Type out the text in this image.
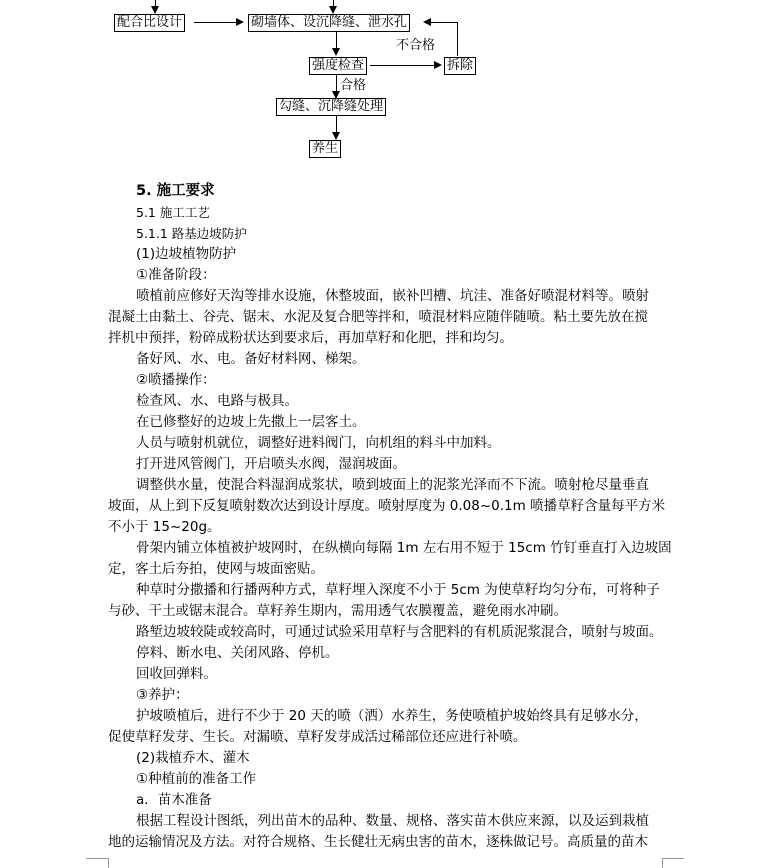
配合比设计	砌墙体、设沉降缝、泄水孔
不合格
强度检查	拆除
合格
勾缝、沉降缝处理
养生

5. 施工要求

5.1 施工工艺

5.1.1 路基边坡防护

(1)边坡植物防护

①准备阶段：

喷植前应修好天沟等排水设施，休整坡面，嵌补凹槽、坑洼、准备好喷混材料等。喷射

混凝土由黏土、谷壳、锯末、水泥及复合肥等拌和，喷混材料应随伴随喷。粘土要先放在搅

拌机中预拌，粉碎成粉状达到要求后，再加草籽和化肥，拌和均匀。

备好风、水、电。备好材料网、梯架。

②喷播操作：

检查风、水、电路与极具。

在已修整好的边坡上先撒上一层客土。

人员与喷射机就位，调整好进料阀门，向机组的料斗中加料。

打开进风管阀门，开启喷头水阀，湿润坡面。

调整供水量，使混合料湿润成浆状，喷到坡面上的泥浆光泽而不下流。喷射枪尽量垂直

坡面，从上到下反复喷射数次达到设计厚度。喷射厚度为 0.08~0.1m 喷播草籽含量每平方米

不小于 15~20g。

骨架内铺立体植被护坡网时，在纵横向每隔 1m 左右用不短于 15cm 竹钉垂直打入边坡固

定，客土后夯拍，使网与坡面密贴。

种草时分撒播和行播两种方式，草籽埋入深度不小于 5cm 为使草籽均匀分布，可将种子

与砂、干土或锯末混合。草籽养生期内，需用透气农膜覆盖，避免雨水冲刷。

路堑边坡较陡或较高时，可通过试验采用草籽与含肥料的有机质泥浆混合，喷射与坡面。

停料、断水电、关闭风路、停机。

回收回弹料。

③养护：

护坡喷植后，进行不少于 20 天的喷（洒）水养生，务使喷植护坡始终具有足够水分，

促使草籽发芽、生长。对漏喷、草籽发芽成活过稀部位还应进行补喷。

(2)栽植乔木、灌木

①种植前的准备工作

a．苗木准备

根据工程设计图纸，列出苗木的品种、数量、规格、落实苗木供应来源，以及运到栽植

地的运输情况及方法。对符合规格、生长健壮无病虫害的苗木，逐株做记号。高质量的苗木
